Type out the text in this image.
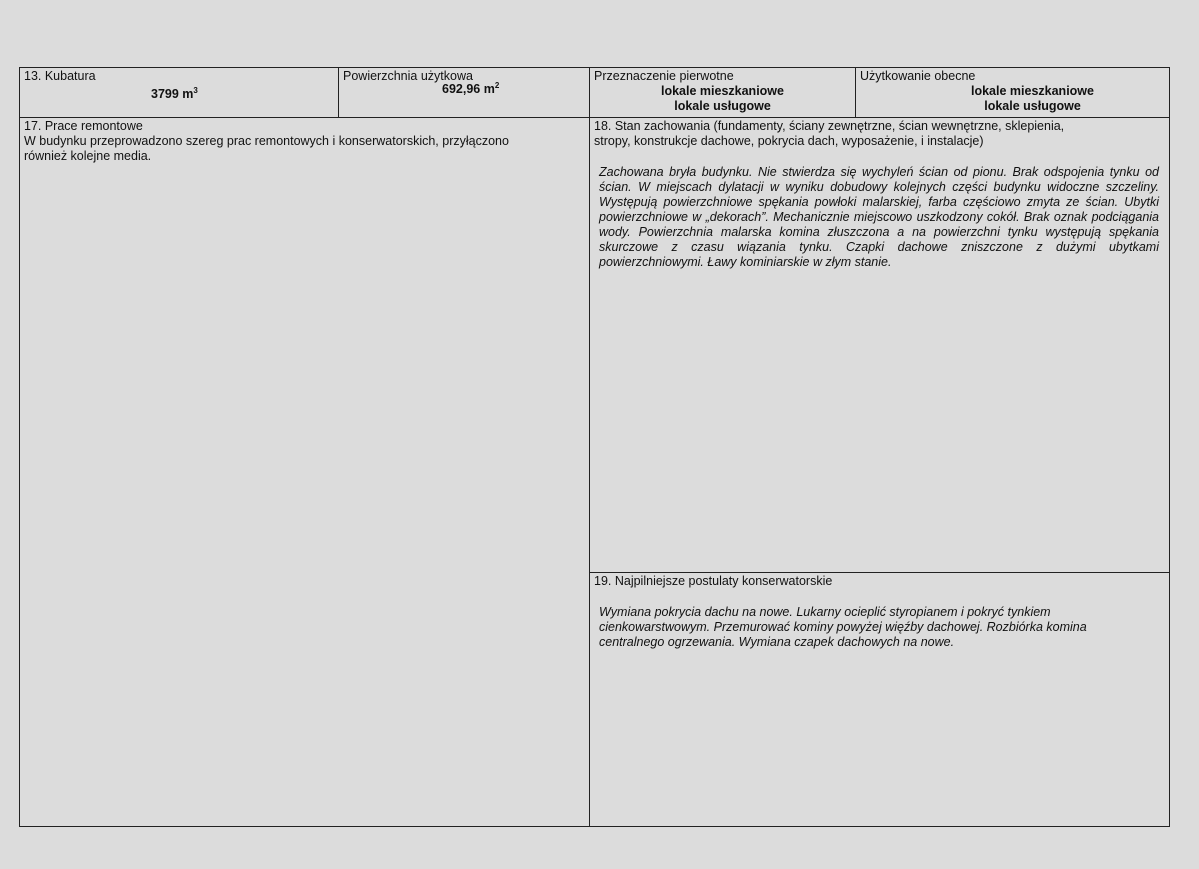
13. Kubatura
3799 $m^3$
Powierzchnia użytkowa
692,96 $m^2$
Przeznaczenie pierwotne
lokale mieszkaniowe
lokale usługowe
Użytkowanie obecne
lokale mieszkaniowe
lokale usługowe
17. Prace remontowe
W budynku przeprowadzono szereg prac remontowych i konserwatorskich, przyłączono
również kolejne media.
18. Stan zachowania (fundamenty, ściany zewnętrzne, ścian wewnętrzne, sklepienia,
stropy, konstrukcje dachowe, pokrycia dach, wyposażenie, i instalacje)
Zachowana bryła budynku. Nie stwierdza się wychyleń ścian od pionu. Brak odspojenia tynku od ścian. W miejscach dylatacji w wyniku dobudowy kolejnych części budynku widoczne szczeliny. Występują powierzchniowe spękania powłoki malarskiej, farba częściowo zmyta ze ścian. Ubytki powierzchniowe w „dekorach”. Mechanicznie miejscowo uszkodzony cokół. Brak oznak podciągania wody. Powierzchnia malarska komina złuszczona a na powierzchni tynku występują spękania skurczowe z czasu wiązania tynku. Czapki dachowe zniszczone z dużymi ubytkami powierzchniowymi. Ławy kominiarskie w złym stanie.
19. Najpilniejsze postulaty konserwatorskie
Wymiana pokrycia dachu na nowe. Lukarny ocieplić styropianem i pokryć tynkiem
cienkowarstwowym. Przemurować kominy powyżej więźby dachowej. Rozbiórka komina
centralnego ogrzewania. Wymiana czapek dachowych na nowe.
